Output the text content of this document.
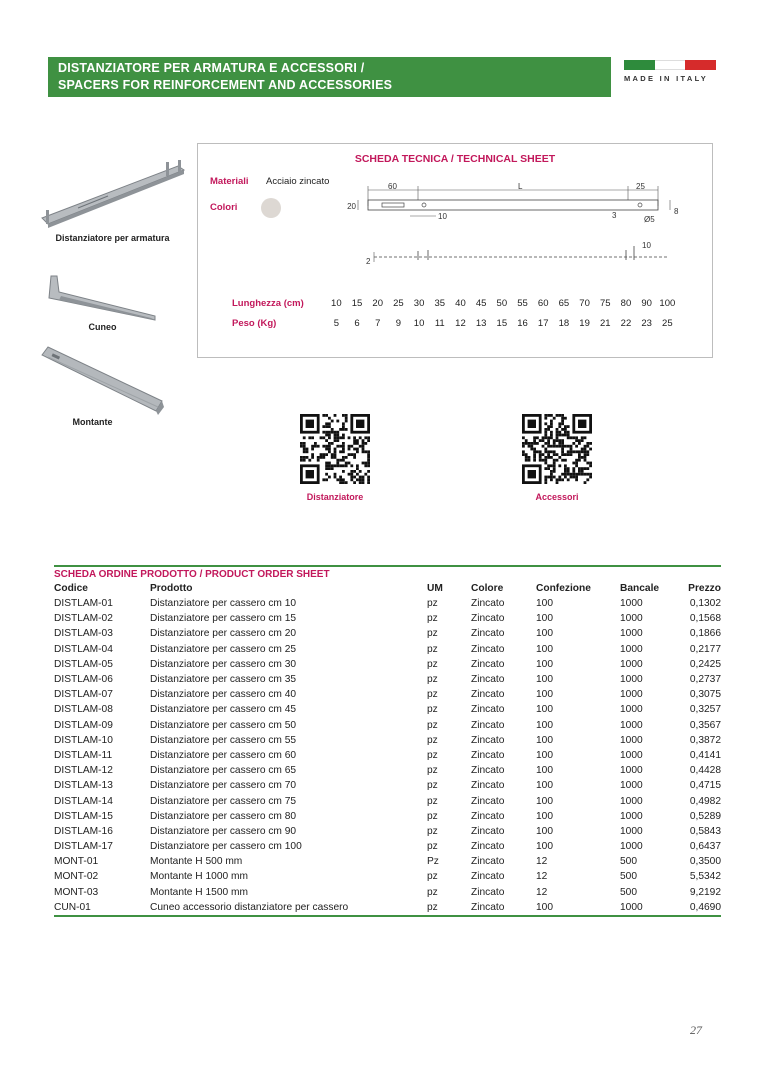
DISTANZIATORE PER ARMATURA E ACCESSORI /
SPACERS FOR REINFORCEMENT AND ACCESSORIES	MADE IN ITALY
Distanziatore per armatura
Cuneo
Montante
SCHEDA TECNICA / TECHNICAL SHEET
Materiali Acciaio zincato
Colori
60	L	25
20
10	3	Ø5
8
2
10
Lunghezza (cm)	10	15	20	25	30	35	40	45	50	55	60	65	70	75	80	90 100
Peso (Kg)	5	6	7	9	10	11	12	13	15	16	17	18	19	21	22	23	25
Distanziatore	Accessori
SCHEDA ORDINE PRODOTTO / PRODUCT ORDER SHEET
Codice	Prodotto	UM	Colore	Confezione	Bancale	Prezzo
DISTLAM-01	Distanziatore per cassero cm 10	pz	Zincato	100	1000	0,1302
DISTLAM-02	Distanziatore per cassero cm 15	pz	Zincato	100	1000	0,1568
DISTLAM-03	Distanziatore per cassero cm 20	pz	Zincato	100	1000	0,1866
DISTLAM-04	Distanziatore per cassero cm 25	pz	Zincato	100	1000	0,2177
DISTLAM-05	Distanziatore per cassero cm 30	pz	Zincato	100	1000	0,2425
DISTLAM-06	Distanziatore per cassero cm 35	pz	Zincato	100	1000	0,2737
DISTLAM-07	Distanziatore per cassero cm 40	pz	Zincato	100	1000	0,3075
DISTLAM-08	Distanziatore per cassero cm 45	pz	Zincato	100	1000	0,3257
DISTLAM-09	Distanziatore per cassero cm 50	pz	Zincato	100	1000	0,3567
DISTLAM-10	Distanziatore per cassero cm 55	pz	Zincato	100	1000	0,3872
DISTLAM-11	Distanziatore per cassero cm 60	pz	Zincato	100	1000	0,4141
DISTLAM-12	Distanziatore per cassero cm 65	pz	Zincato	100	1000	0,4428
DISTLAM-13	Distanziatore per cassero cm 70	pz	Zincato	100	1000	0,4715
DISTLAM-14	Distanziatore per cassero cm 75	pz	Zincato	100	1000	0,4982
DISTLAM-15	Distanziatore per cassero cm 80	pz	Zincato	100	1000	0,5289
DISTLAM-16	Distanziatore per cassero cm 90	pz	Zincato	100	1000	0,5843
DISTLAM-17	Distanziatore per cassero cm 100	pz	Zincato	100	1000	0,6437
MONT-01	Montante H 500 mm	Pz	Zincato	12	500	0,3500
MONT-02	Montante H 1000 mm	pz	Zincato	12	500	5,5342
MONT-03	Montante H 1500 mm	pz	Zincato	12	500	9,2192
CUN-01	Cuneo accessorio distanziatore per cassero	pz	Zincato	100	1000	0,4690
27
